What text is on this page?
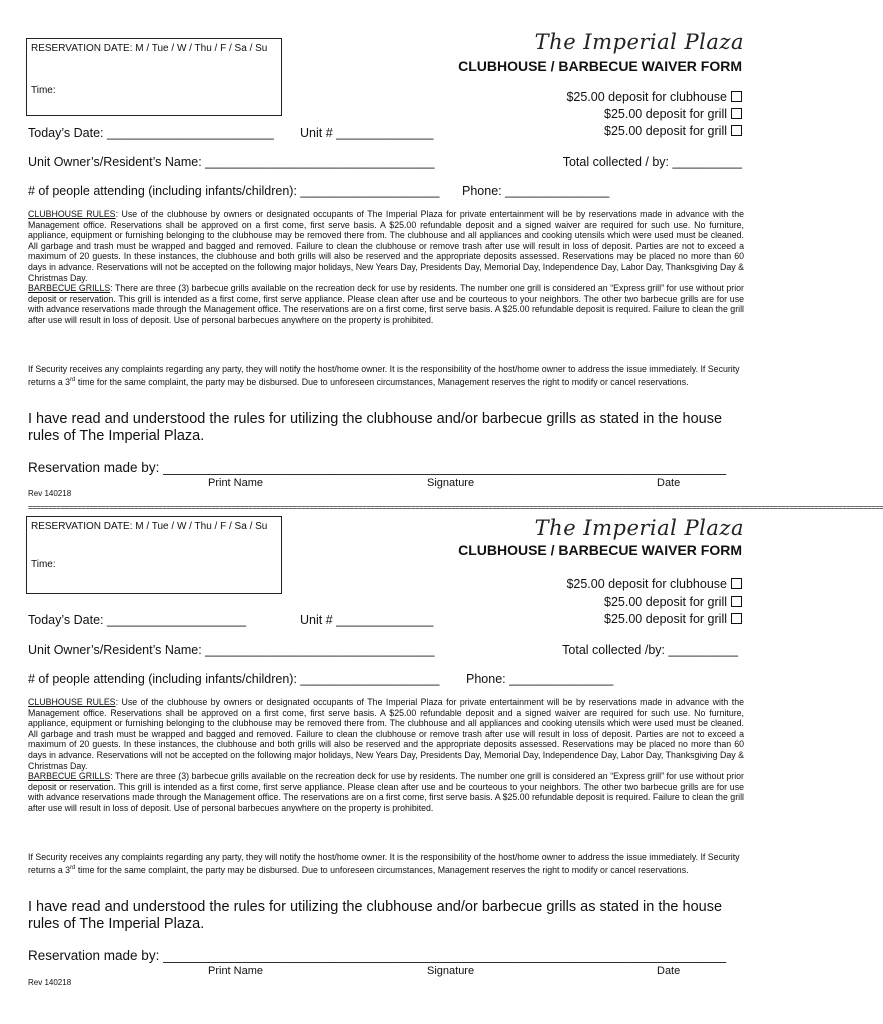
RESERVATION DATE: M / Tue / W / Thu / F / Sa / Su
Time:
The Imperial Plaza
CLUBHOUSE / BARBECUE WAIVER FORM
$25.00 deposit for clubhouse
$25.00 deposit for grill
$25.00 deposit for grill
Today’s Date: ________________________ Unit # ______________
Unit Owner’s/Resident’s Name: _________________________________	Total collected / by: __________
# of people attending (including infants/children): ____________________ Phone: _______________

CLUBHOUSE RULES: Use of the clubhouse by owners or designated occupants of The Imperial Plaza for private entertainment will be by reservations made in advance with the Management office. Reservations shall be approved on a first come, first serve basis. A $25.00 refundable deposit and a signed waiver are required for such use. No furniture, appliance, equipment or furnishing belonging to the clubhouse may be removed there from. The clubhouse and all appliances and cooking utensils which were used must be cleaned. All garbage and trash must be wrapped and bagged and removed. Failure to clean the clubhouse or remove trash after use will result in loss of deposit. Parties are not to exceed a maximum of 20 guests. In these instances, the clubhouse and both grills will also be reserved and the appropriate deposits assessed. Reservations may be placed no more than 60 days in advance. Reservations will not be accepted on the following major holidays, New Years Day, Presidents Day, Memorial Day, Independence Day, Labor Day, Thanksgiving Day & Christmas Day.

BARBECUE GRILLS: There are three (3) barbecue grills available on the recreation deck for use by residents. The number one grill is considered an “Express grill” for use without prior deposit or reservation. This grill is intended as a first come, first serve appliance. Please clean after use and be courteous to your neighbors. The other two barbecue grills are for use with advance reservations made through the Management office. The reservations are on a first come, first serve basis. A $25.00 refundable deposit is required. Failure to clean the grill after use will result in loss of deposit. Use of personal barbecues anywhere on the property is prohibited.

If Security receives any complaints regarding any party, they will notify the host/home owner. It is the responsibility of the host/home owner to address the issue immediately. If Security returns a 3rd time for the same complaint, the party may be disbursed. Due to unforeseen circumstances, Management reserves the right to modify or cancel reservations.
I have read and understood the rules for utilizing the clubhouse and/or barbecue grills as stated in the house rules of The Imperial Plaza.
Reservation made by: ___________________________________________________________________________
Print Name	Signature	Date
Rev 140218
==================================================================================================================================================================================================================
RESERVATION DATE: M / Tue / W / Thu / F / Sa / Su
Time:
The Imperial Plaza
CLUBHOUSE / BARBECUE WAIVER FORM
$25.00 deposit for clubhouse
$25.00 deposit for grill
$25.00 deposit for grill
Today’s Date: ____________________	Unit # ______________
Unit Owner’s/Resident’s Name: _________________________________	Total collected /by: __________
# of people attending (including infants/children): ____________________ Phone: _______________

CLUBHOUSE RULES: Use of the clubhouse by owners or designated occupants of The Imperial Plaza for private entertainment will be by reservations made in advance with the Management office. Reservations shall be approved on a first come, first serve basis. A $25.00 refundable deposit and a signed waiver are required for such use. No furniture, appliance, equipment or furnishing belonging to the clubhouse may be removed there from. The clubhouse and all appliances and cooking utensils which were used must be cleaned. All garbage and trash must be wrapped and bagged and removed. Failure to clean the clubhouse or remove trash after use will result in loss of deposit. Parties are not to exceed a maximum of 20 guests. In these instances, the clubhouse and both grills will also be reserved and the appropriate deposits assessed. Reservations may be placed no more than 60 days in advance. Reservations will not be accepted on the following major holidays, New Years Day, Presidents Day, Memorial Day, Independence Day, Labor Day, Thanksgiving Day & Christmas Day.

BARBECUE GRILLS: There are three (3) barbecue grills available on the recreation deck for use by residents. The number one grill is considered an “Express grill” for use without prior deposit or reservation. This grill is intended as a first come, first serve appliance. Please clean after use and be courteous to your neighbors. The other two barbecue grills are for use with advance reservations made through the Management office. The reservations are on a first come, first serve basis. A $25.00 refundable deposit is required. Failure to clean the grill after use will result in loss of deposit. Use of personal barbecues anywhere on the property is prohibited.

If Security receives any complaints regarding any party, they will notify the host/home owner. It is the responsibility of the host/home owner to address the issue immediately. If Security returns a 3rd time for the same complaint, the party may be disbursed. Due to unforeseen circumstances, Management reserves the right to modify or cancel reservations.
I have read and understood the rules for utilizing the clubhouse and/or barbecue grills as stated in the house rules of The Imperial Plaza.
Reservation made by: ___________________________________________________________________________
Print Name	Signature	Date
Rev 140218
